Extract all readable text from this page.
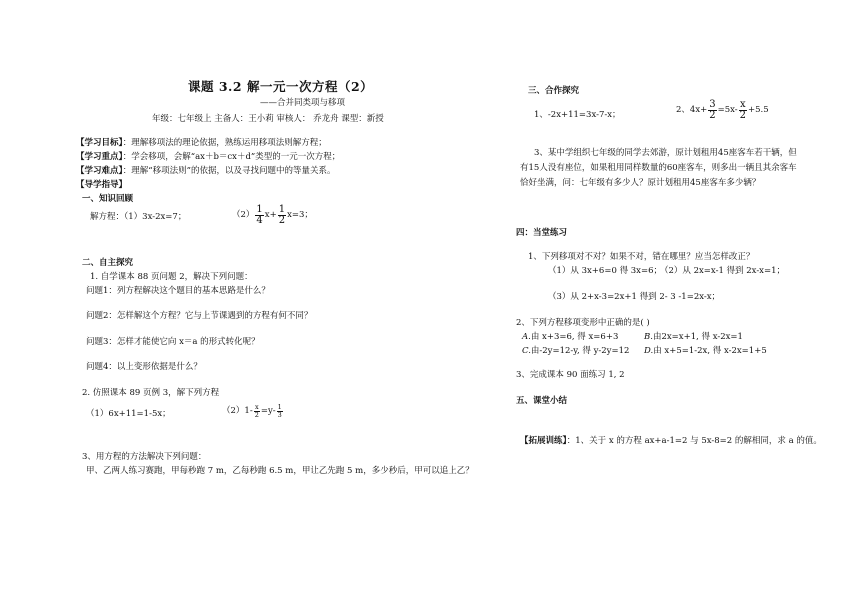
课题 3.2 解一元一次方程（2）
——合并同类项与移项
年级：七年级上 主备人：王小莉 审核人： 乔龙舟 课型：新授
【学习目标】：理解移项法的理论依据，熟练运用移项法则解方程；
【学习重点】：学会移项，会解“ax＋b＝cx＋d”类型的一元一次方程；
【学习难点】：理解“移项法则”的依据，以及寻找问题中的等量关系。
【导学指导】
一、知识回顾
解方程：（1）3x-2x=7；	$(2) \frac{1}{4} x+ \frac{1}{2} x=3$；
二、自主探究
1. 自学课本 88 页问题 2，解决下列问题：
问题1：列方程解决这个题目的基本思路是什么？
问题2：怎样解这个方程？它与上节课遇到的方程有何不同？
问题3：怎样才能使它向 x＝a 的形式转化呢？
问题4：以上变形依据是什么？
2. 仿照课本 89 页例 3，解下列方程
（1）6x+11=1-5x；	$(2)1- \frac{x}{2} =y- \frac{1}{3}$
3、用方程的方法解决下列问题：
甲、乙两人练习赛跑，甲每秒跑 7 m，乙每秒跑 6.5 m，甲让乙先跑 5 m，多少秒后，甲可以追上乙？
三、合作探究
1、-2x+11=3x-7-x；	2、$4x+ \frac{3}{2} =5x- \frac{x}{2} +5.5$
3、某中学组织七年级的同学去郊游，原计划租用45座客车若干辆，但
有15人没有座位，如果租用同样数量的60座客车，则多出一辆且其余客车
恰好坐满，问：七年级有多少人？原计划租用45座客车多少辆？
四：当堂练习
1、下列移项对不对？如果不对，错在哪里？应当怎样改正？
（1）从 3x+6=0 得 3x=6；
（2）从 2x=x-1 得到 2x-x=1；
（3）从 2+x-3=2x+1 得到 2- 3 -1=2x-x；
2、下列方程移项变形中正确的是( )
A.由 x+3=6, 得 x=6+3	B.由2x=x+1, 得 x-2x=1
C.由-2y=12-y, 得 y-2y=12 D.由 x+5=1-2x, 得 x-2x=1+5
3、完成课本 90 面练习 1, 2
五、课堂小结
【拓展训练】：1、关于 x 的方程 ax+a-1=2 与 5x-8=2 的解相同，求 a 的值。
